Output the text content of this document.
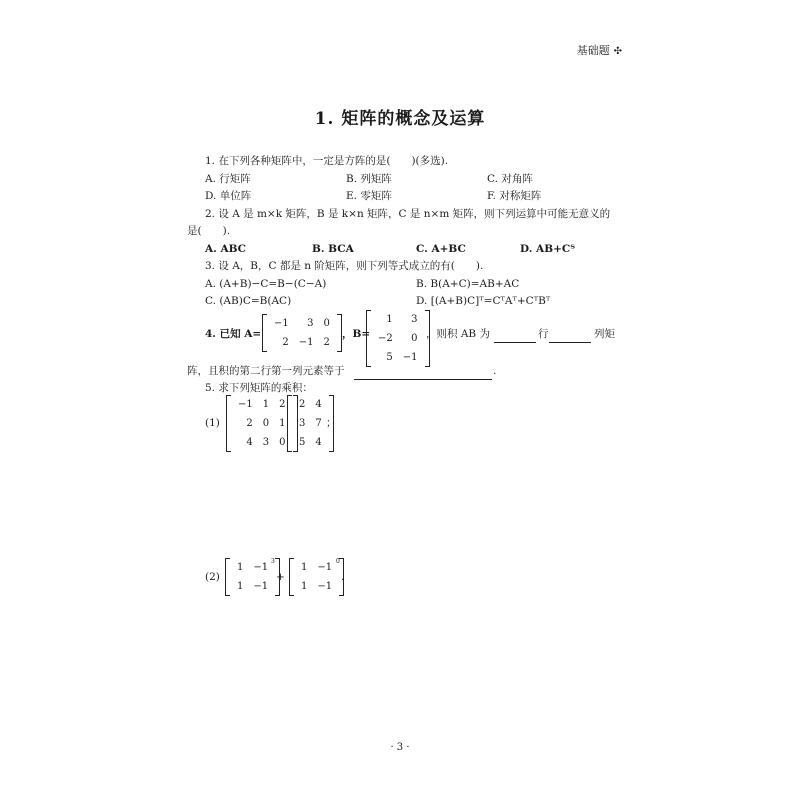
基础题 ✣
1. 矩阵的概念及运算
1. 在下列各种矩阵中，一定是方阵的是(　　)(多选).
A. 行矩阵	B. 列矩阵	C. 对角阵
D. 单位阵	E. 零矩阵	F. 对称矩阵
2. 设 A 是 m×k 矩阵，B 是 k×n 矩阵，C 是 n×m 矩阵，则下列运算中可能无意义的
是(　　).
A. ABC	B. BCA	C. A+BC	D. AB+Cᵀ
3. 设 A，B，C 都是 n 阶矩阵，则下列等式成立的有(　　).
A. (A+B)−C=B−(C−A)	B. B(A+C)=AB+AC
C. (AB)C=B(AC)	D. [(A+B)C]ᵀ=CᵀAᵀ+CᵀBᵀ
4. 已知 A=
−1	3	0
2	−1	2
，B=
1	3
−2	0
5	−1
，则积 AB 为	行	列矩
阵，且积的第二行第一列元素等于	.
5. 求下列矩阵的乘积：
(1)
−1	1	2
2	0	1
4	3	0
2	4
3	7
5	4
；
(2)
1	−1
1	−1
3
+
1	−1
1	−1
0
.
· 3 ·
